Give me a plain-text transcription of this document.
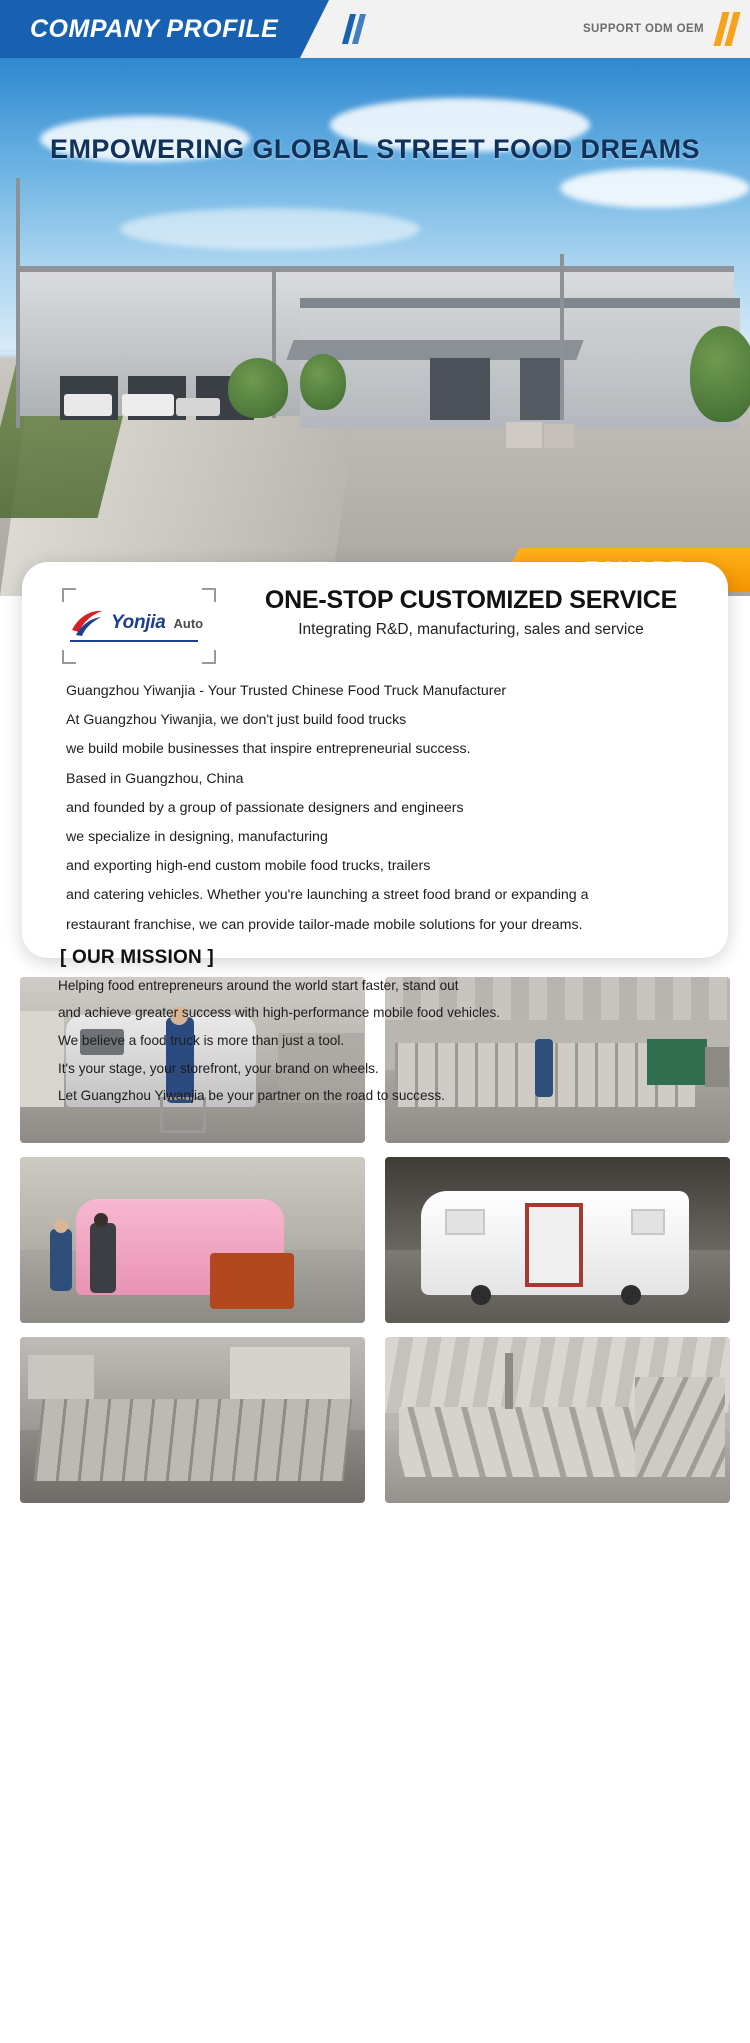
COMPANY PROFILE	SUPPORT ODM OEM
EMPOWERING GLOBAL STREET FOOD DREAMS
Yonjia Auto
ONE-STOP CUSTOMIZED SERVICE
Integrating R&D, manufacturing, sales and service

Guangzhou Yiwanjia - Your Trusted Chinese Food Truck Manufacturer

At Guangzhou Yiwanjia, we don't just build food trucks

we build mobile businesses that inspire entrepreneurial success.

Based in Guangzhou, China

and founded by a group of passionate designers and engineers

we specialize in designing, manufacturing

and exporting high-end custom mobile food trucks, trailers

and catering vehicles. Whether you're launching a street food brand or expanding a

restaurant franchise, we can provide tailor-made mobile solutions for your dreams.

[ OUR MISSION ]

Helping food entrepreneurs around the world start faster, stand out

and achieve greater success with high-performance mobile food vehicles.

We believe a food truck is more than just a tool.

It's your stage, your storefront, your brand on wheels.

Let Guangzhou Yiwanjia be your partner on the road to success.
